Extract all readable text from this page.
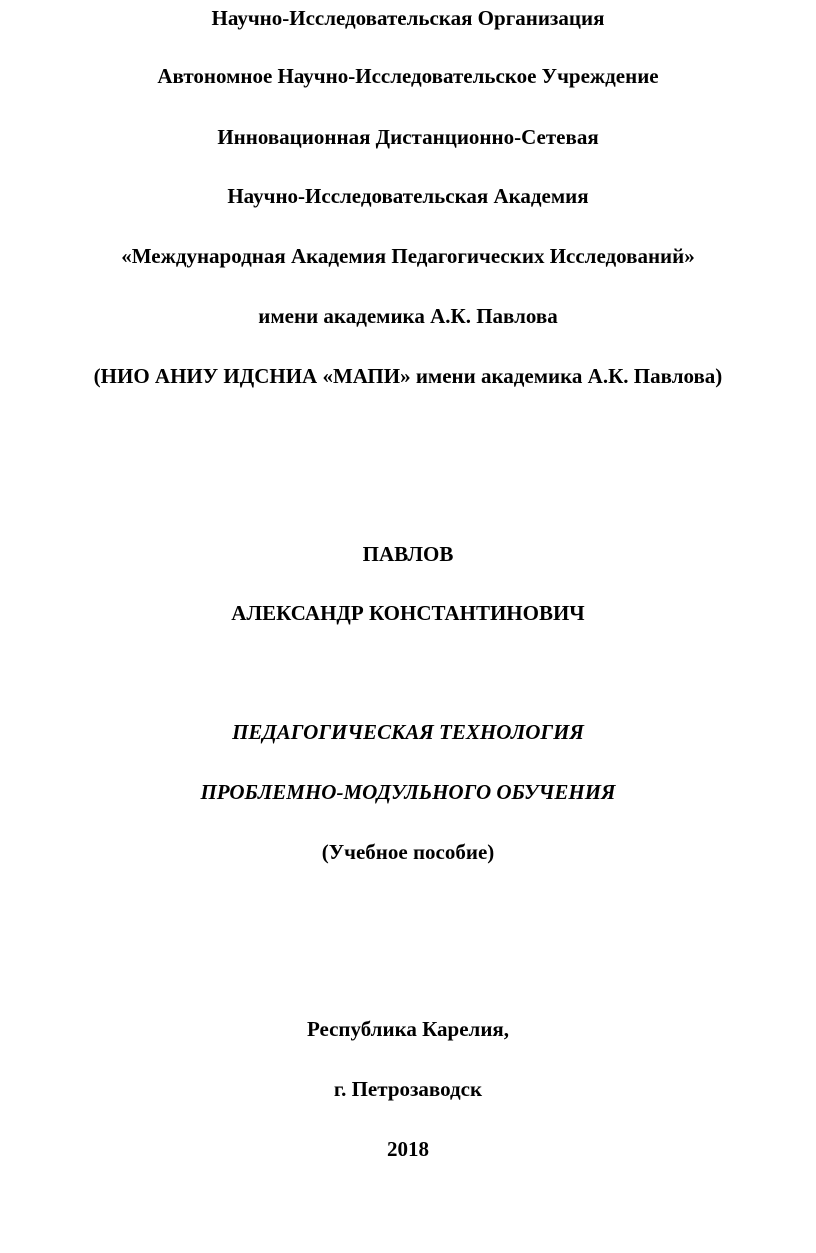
Научно-Исследовательская Организация
Автономное Научно-Исследовательское Учреждение
Инновационная Дистанционно-Сетевая
Научно-Исследовательская Академия
«Международная Академия Педагогических Исследований»
имени академика А.К. Павлова
(НИО АНИУ ИДСНИА «МАПИ» имени академика А.К. Павлова)
ПАВЛОВ
АЛЕКСАНДР КОНСТАНТИНОВИЧ
ПЕДАГОГИЧЕСКАЯ ТЕХНОЛОГИЯ
ПРОБЛЕМНО-МОДУЛЬНОГО ОБУЧЕНИЯ
(Учебное пособие)
Республика Карелия,
г. Петрозаводск
2018
